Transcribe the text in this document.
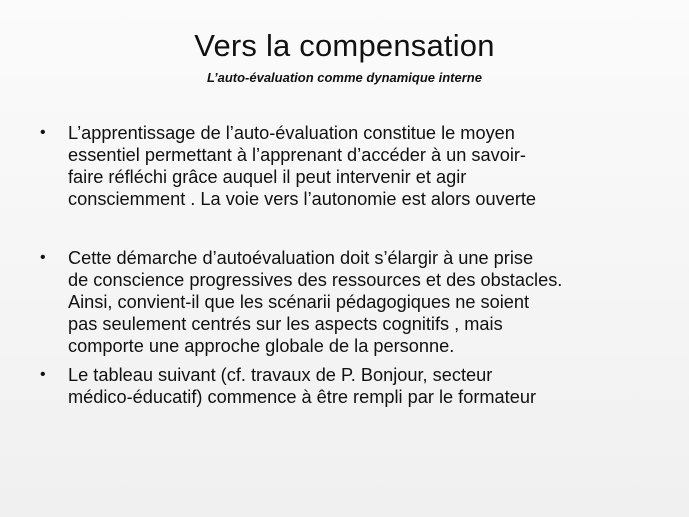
Vers la compensation
L’auto-évaluation comme dynamique interne
• L’apprentissage de l’auto-évaluation constitue le moyen
essentiel permettant à l’apprenant d’accéder à un savoir-
faire réfléchi grâce auquel il peut intervenir et agir
consciemment . La voie vers l’autonomie est alors ouverte
• Cette démarche d’autoévaluation doit s’élargir à une prise
de conscience progressives des ressources et des obstacles.
Ainsi, convient-il que les scénarii pédagogiques ne soient
pas seulement centrés sur les aspects cognitifs , mais
comporte une approche globale de la personne.
• Le tableau suivant (cf. travaux de P. Bonjour, secteur
médico-éducatif) commence à être rempli par le formateur
